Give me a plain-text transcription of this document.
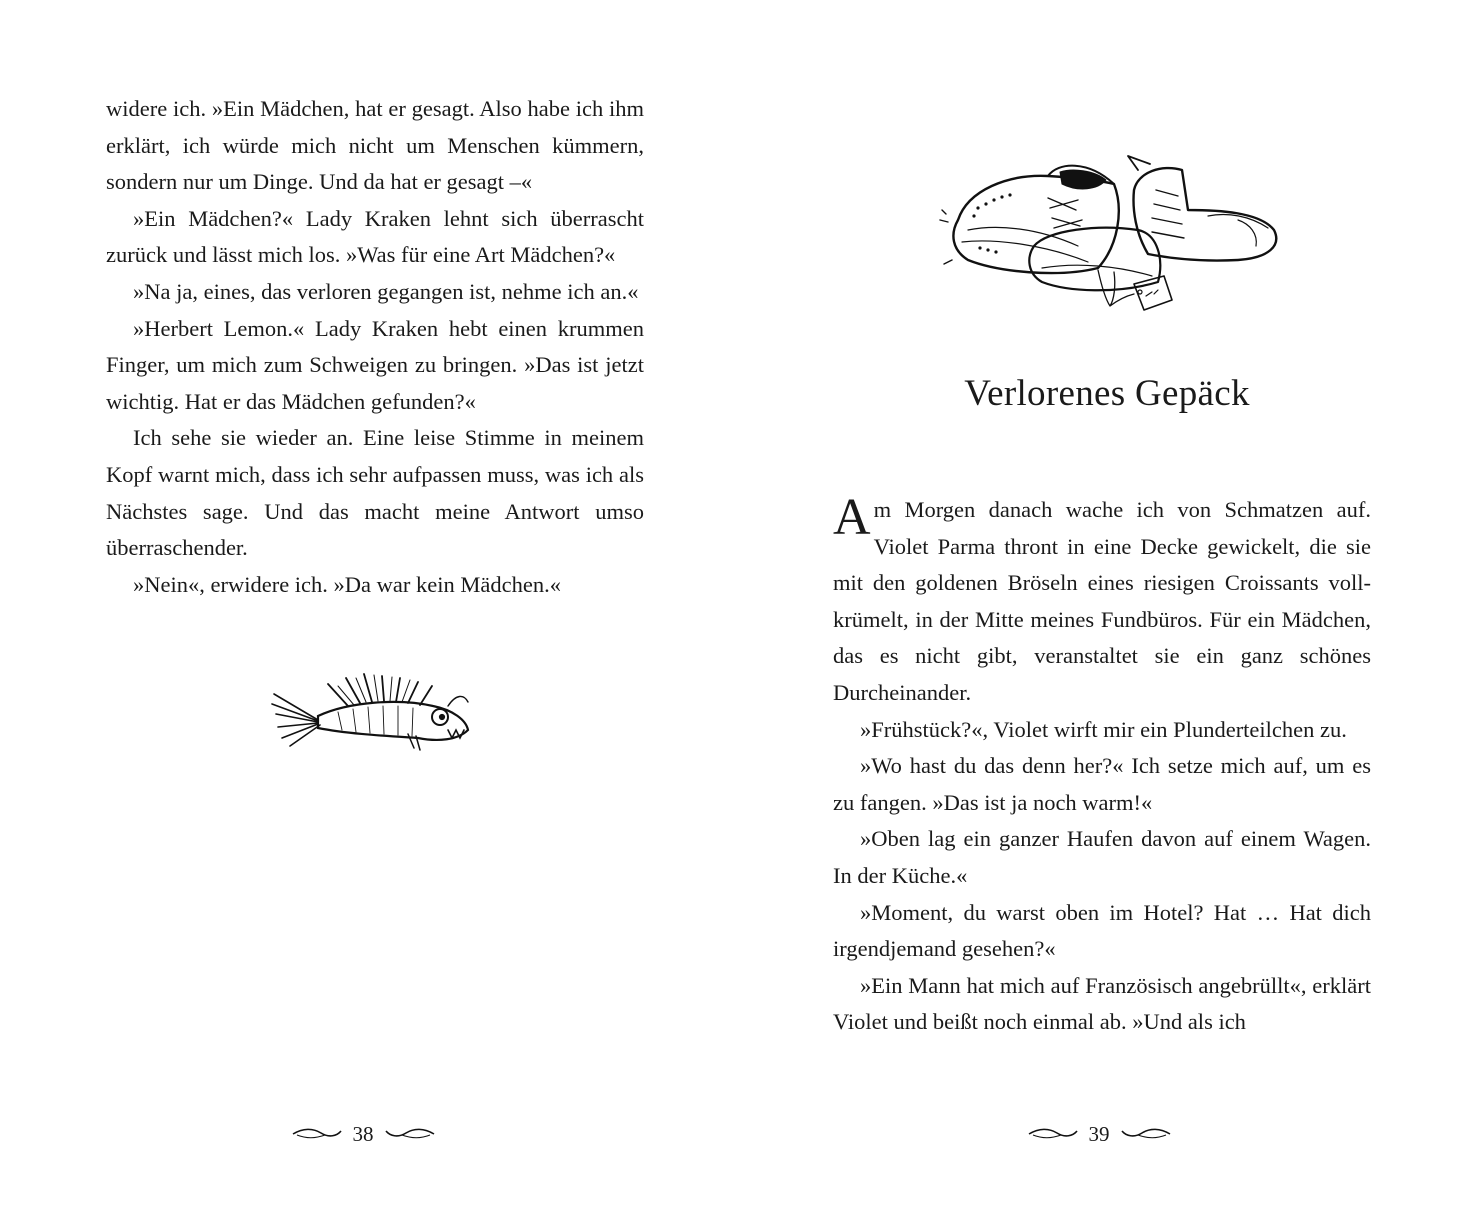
widere ich. »Ein Mädchen, hat er gesagt. Also habe ich ihm erklärt, ich würde mich nicht um Menschen kümmern, sondern nur um Dinge. Und da hat er gesagt –«

»Ein Mädchen?« Lady Kraken lehnt sich überrascht zurück und lässt mich los. »Was für eine Art Mädchen?«

»Na ja, eines, das verloren gegangen ist, nehme ich an.«

»Herbert Lemon.« Lady Kraken hebt einen krummen Finger, um mich zum Schweigen zu bringen. »Das ist jetzt wichtig. Hat er das Mädchen gefunden?«

Ich sehe sie wieder an. Eine leise Stimme in meinem Kopf warnt mich, dass ich sehr aufpassen muss, was ich als Nächstes sage. Und das macht meine Antwort umso überraschender.

»Nein«, erwidere ich. »Da war kein Mädchen.«

38
Verlorenes Gepäck

Am Morgen danach wache ich von Schmatzen auf. Violet Parma thront in eine Decke gewickelt, die sie mit den goldenen Bröseln eines riesigen Croissants vollkrümelt, in der Mitte meines Fundbüros. Für ein Mädchen, das es nicht gibt, veranstaltet sie ein ganz schönes Durcheinander.

»Frühstück?«, Violet wirft mir ein Plunderteilchen zu.

»Wo hast du das denn her?« Ich setze mich auf, um es zu fangen. »Das ist ja noch warm!«

»Oben lag ein ganzer Haufen davon auf einem Wagen. In der Küche.«

»Moment, du warst oben im Hotel? Hat … Hat dich irgendjemand gesehen?«

»Ein Mann hat mich auf Französisch angebrüllt«, erklärt Violet und beißt noch einmal ab. »Und als ich

39
